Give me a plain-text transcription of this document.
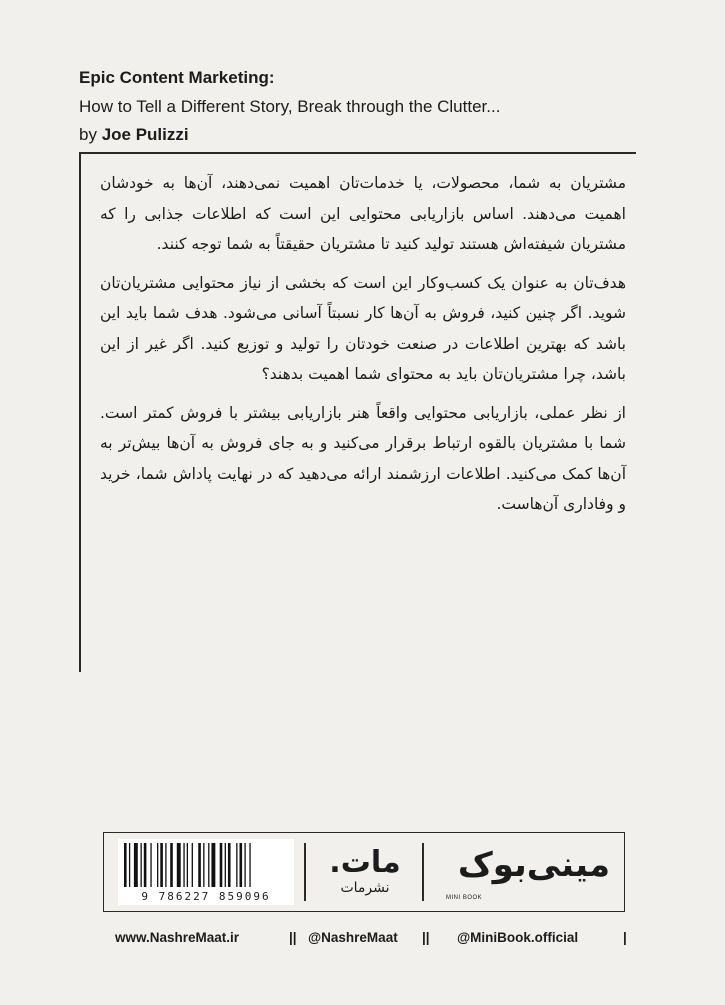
Epic Content Marketing:
How to Tell a Different Story, Break through the Clutter...
by Joe Pulizzi

مشتریان به شما، محصولات، یا خدمات‌تان اهمیت نمی‌دهند، آن‌ها به خودشان اهمیت می‌دهند. اساس بازاریابی محتوایی این است که اطلاعات جذابی را که مشتریان شیفته‌اش هستند تولید کنید تا مشتریان حقیقتاً به شما توجه کنند.

هدف‌تان به عنوان یک کسب‌وکار این است که بخشی از نیاز محتوایی مشتریان‌تان شوید. اگر چنین کنید، فروش به آن‌ها کار نسبتاً آسانی می‌شود. هدف شما باید این باشد که بهترین اطلاعات در صنعت خودتان را تولید و توزیع کنید. اگر غیر از این باشد، چرا مشتریان‌تان باید به محتوای شما اهمیت بدهند؟

از نظر عملی، بازاریابی محتوایی واقعاً هنر بازاریابی بیشتر با فروش کمتر است. شما با مشتریان بالقوه ارتباط برقرار می‌کنید و به جای فروش به آن‌ها بیش‌تر به آن‌ها کمک می‌کنید. اطلاعات ارزشمند ارائه می‌دهید که در نهایت پاداش شما، خرید و وفاداری آن‌هاست.

9 786227 859096
مات.
نشرمات
مینی‌بوک
MINI BOOK
www.NashreMaat.ir	|| @NashreMaat || @MiniBook.official	|
